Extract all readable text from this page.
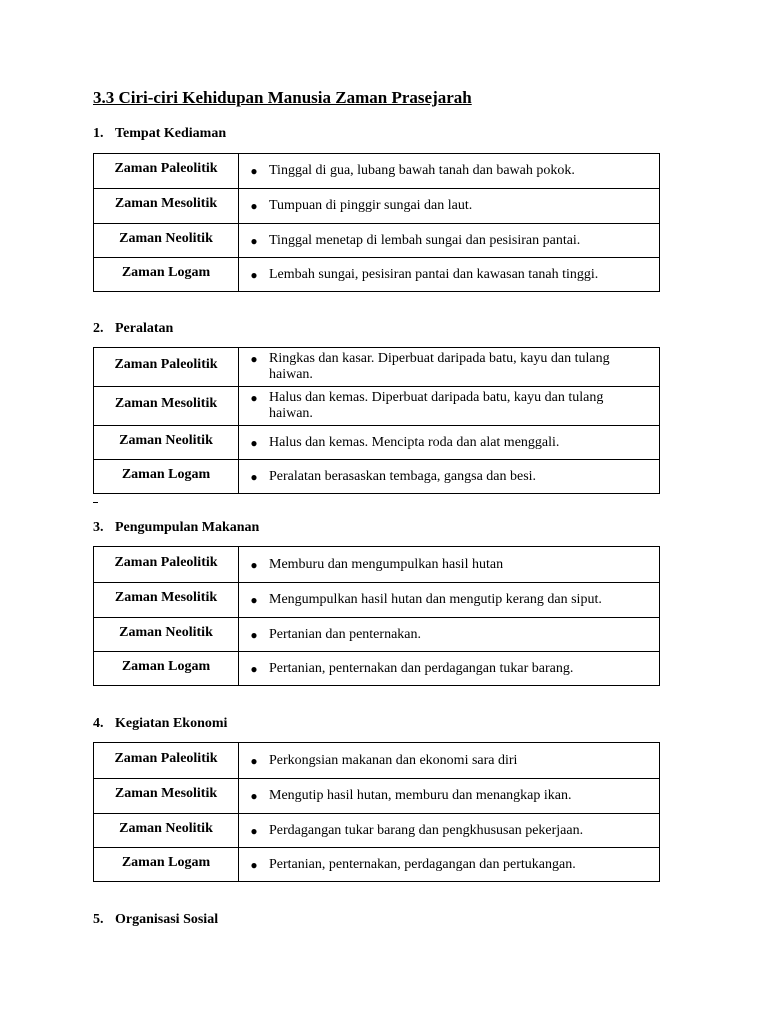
3.3 Ciri-ciri Kehidupan Manusia Zaman Prasejarah
1. Tempat Kediaman
Zaman Paleolitik	● Tinggal di gua, lubang bawah tanah dan bawah pokok.

Zaman Mesolitik	● Tumpuan di pinggir sungai dan laut.

Zaman Neolitik	● Tinggal menetap di lembah sungai dan pesisiran pantai.

Zaman Logam	● Lembah sungai, pesisiran pantai dan kawasan tanah tinggi.
2. Peralatan
Zaman Paleolitik	● Ringkas dan kasar. Diperbuat daripada batu, kayu dan tulang haiwan.

Zaman Mesolitik	● Halus dan kemas. Diperbuat daripada batu, kayu dan tulang haiwan.

Zaman Neolitik	● Halus dan kemas. Mencipta roda dan alat menggali.

Zaman Logam	● Peralatan berasaskan tembaga, gangsa dan besi.
3. Pengumpulan Makanan
Zaman Paleolitik	● Memburu dan mengumpulkan hasil hutan

Zaman Mesolitik	● Mengumpulkan hasil hutan dan mengutip kerang dan siput.

Zaman Neolitik	● Pertanian dan penternakan.

Zaman Logam	● Pertanian, penternakan dan perdagangan tukar barang.
4. Kegiatan Ekonomi
Zaman Paleolitik	● Perkongsian makanan dan ekonomi sara diri

Zaman Mesolitik	● Mengutip hasil hutan, memburu dan menangkap ikan.

Zaman Neolitik	● Perdagangan tukar barang dan pengkhususan pekerjaan.

Zaman Logam	● Pertanian, penternakan, perdagangan dan pertukangan.
5. Organisasi Sosial
